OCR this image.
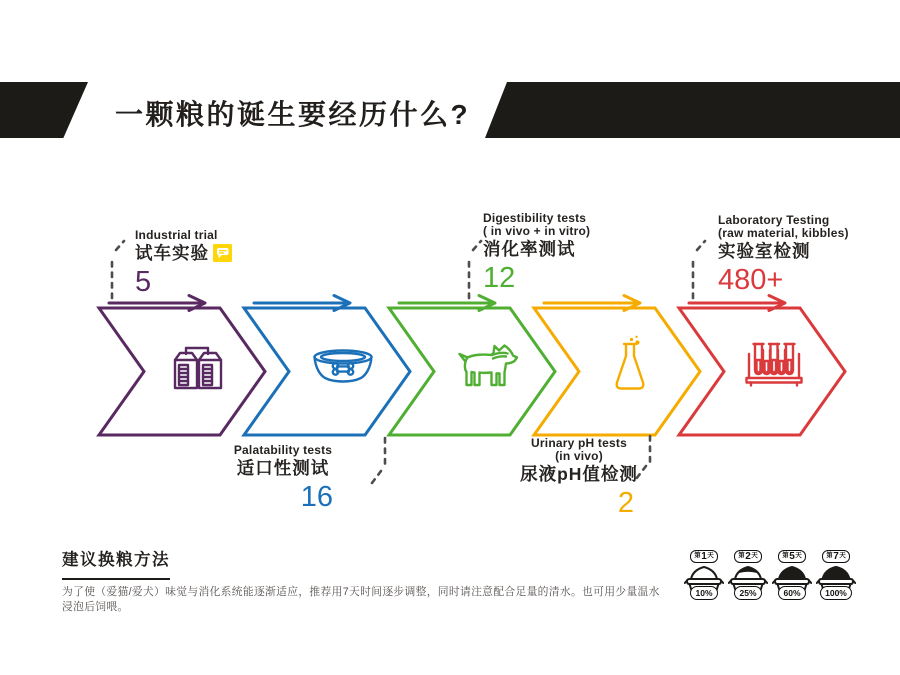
一颗粮的诞生要经历什么?
Industrial trial
试车实验
5
Palatability tests
适口性测试
16
Digestibility tests
( in vivo + in vitro)
消化率测试
12
Urinary pH tests
(in vivo)
尿液pH值检测
2
Laboratory Testing
(raw material, kibbles)
实验室检测
480+
建议换粮方法
为了使（爱猫/爱犬）味觉与消化系统能逐渐适应，推荐用7天时间逐步调整，同时请注意配合足量的清水。也可用少量温水浸泡后饲喂。
第 1 天
10%
第 2 天
25%
第 5 天
60%
第 7 天
100%
